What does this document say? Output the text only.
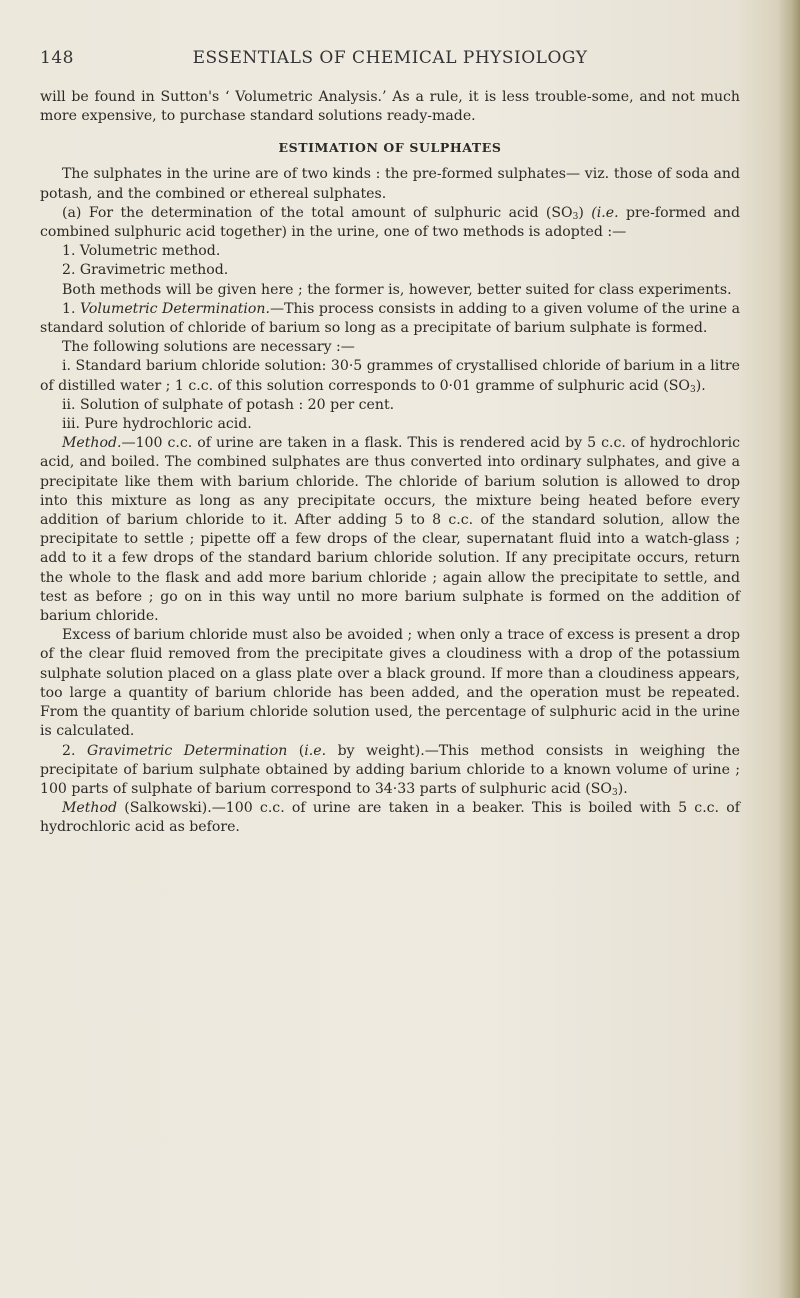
148	ESSENTIALS OF CHEMICAL PHYSIOLOGY

will be found in Sutton's ‘ Volumetric Analysis.’ As a rule, it is less trouble-some, and not much more expensive, to purchase standard solutions ready-made.

ESTIMATION OF SULPHATES

The sulphates in the urine are of two kinds : the pre-formed sulphates— viz. those of soda and potash, and the combined or ethereal sulphates.

(a) For the determination of the total amount of sulphuric acid $(SO_3)$ (i.e. pre-formed and combined sulphuric acid together) in the urine, one of two methods is adopted :—

1. Volumetric method.

2. Gravimetric method.

Both methods will be given here ; the former is, however, better suited for class experiments.

1. Volumetric Determination.—This process consists in adding to a given volume of the urine a standard solution of chloride of barium so long as a precipitate of barium sulphate is formed.

The following solutions are necessary :—

i. Standard barium chloride solution: 30·5 grammes of crystallised chloride of barium in a litre of distilled water ; 1 c.c. of this solution corresponds to 0·01 gramme of sulphuric acid $(SO_3)$.

ii. Solution of sulphate of potash : 20 per cent.

iii. Pure hydrochloric acid.

Method.—100 c.c. of urine are taken in a flask. This is rendered acid by 5 c.c. of hydrochloric acid, and boiled. The combined sulphates are thus converted into ordinary sulphates, and give a precipitate like them with barium chloride. The chloride of barium solution is allowed to drop into this mixture as long as any precipitate occurs, the mixture being heated before every addition of barium chloride to it. After adding 5 to 8 c.c. of the standard solution, allow the precipitate to settle ; pipette off a few drops of the clear, supernatant fluid into a watch-glass ; add to it a few drops of the standard barium chloride solution. If any precipitate occurs, return the whole to the flask and add more barium chloride ; again allow the precipitate to settle, and test as before ; go on in this way until no more barium sulphate is formed on the addition of barium chloride.

Excess of barium chloride must also be avoided ; when only a trace of excess is present a drop of the clear fluid removed from the precipitate gives a cloudiness with a drop of the potassium sulphate solution placed on a glass plate over a black ground. If more than a cloudiness appears, too large a quantity of barium chloride has been added, and the operation must be repeated. From the quantity of barium chloride solution used, the percentage of sulphuric acid in the urine is calculated.

2. Gravimetric Determination (i.e. by weight).—This method consists in weighing the precipitate of barium sulphate obtained by adding barium chloride to a known volume of urine ; 100 parts of sulphate of barium correspond to 34·33 parts of sulphuric acid $(SO_3)$.

Method (Salkowski).—100 c.c. of urine are taken in a beaker. This is boiled with 5 c.c. of hydrochloric acid as before.
